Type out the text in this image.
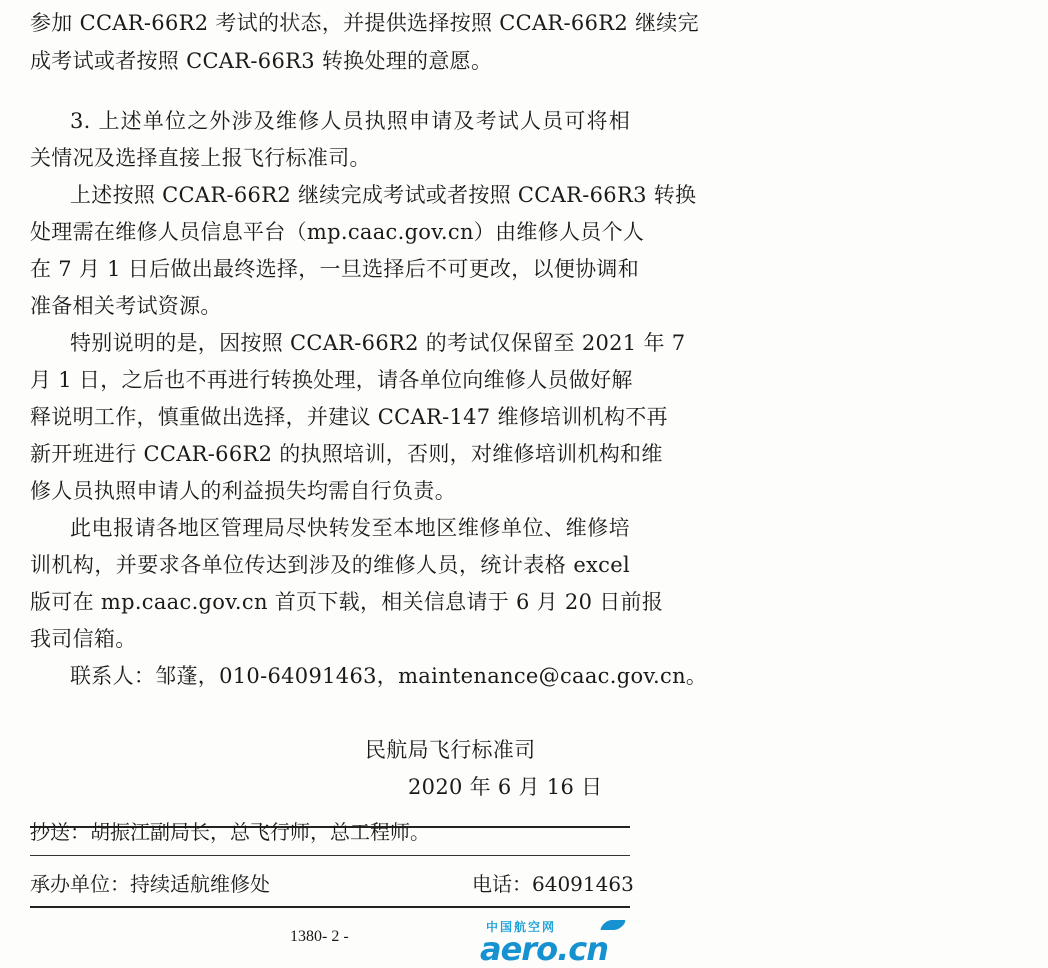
参加 CCAR-66R2 考试的状态，并提供选择按照 CCAR-66R2 继续完
成考试或者按照 CCAR-66R3 转换处理的意愿。
3. 上述单位之外涉及维修人员执照申请及考试人员可将相
关情况及选择直接上报飞行标准司。
上述按照 CCAR-66R2 继续完成考试或者按照 CCAR-66R3 转换
处理需在维修人员信息平台（mp.caac.gov.cn）由维修人员个人
在 7 月 1 日后做出最终选择，一旦选择后不可更改，以便协调和
准备相关考试资源。
特别说明的是，因按照 CCAR-66R2 的考试仅保留至 2021 年 7
月 1 日，之后也不再进行转换处理，请各单位向维修人员做好解
释说明工作，慎重做出选择，并建议 CCAR-147 维修培训机构不再
新开班进行 CCAR-66R2 的执照培训，否则，对维修培训机构和维
修人员执照申请人的利益损失均需自行负责。
此电报请各地区管理局尽快转发至本地区维修单位、维修培
训机构，并要求各单位传达到涉及的维修人员，统计表格 excel
版可在 mp.caac.gov.cn 首页下载，相关信息请于 6 月 20 日前报
我司信箱。
联系人：邹蓬，010-64091463，maintenance@caac.gov.cn。
民航局飞行标准司
2020 年 6 月 16 日
抄送：胡振江副局长，总飞行师，总工程师。
承办单位：持续适航维修处	电话：64091463
1380- 2 -
中国航空网
aero.cn
